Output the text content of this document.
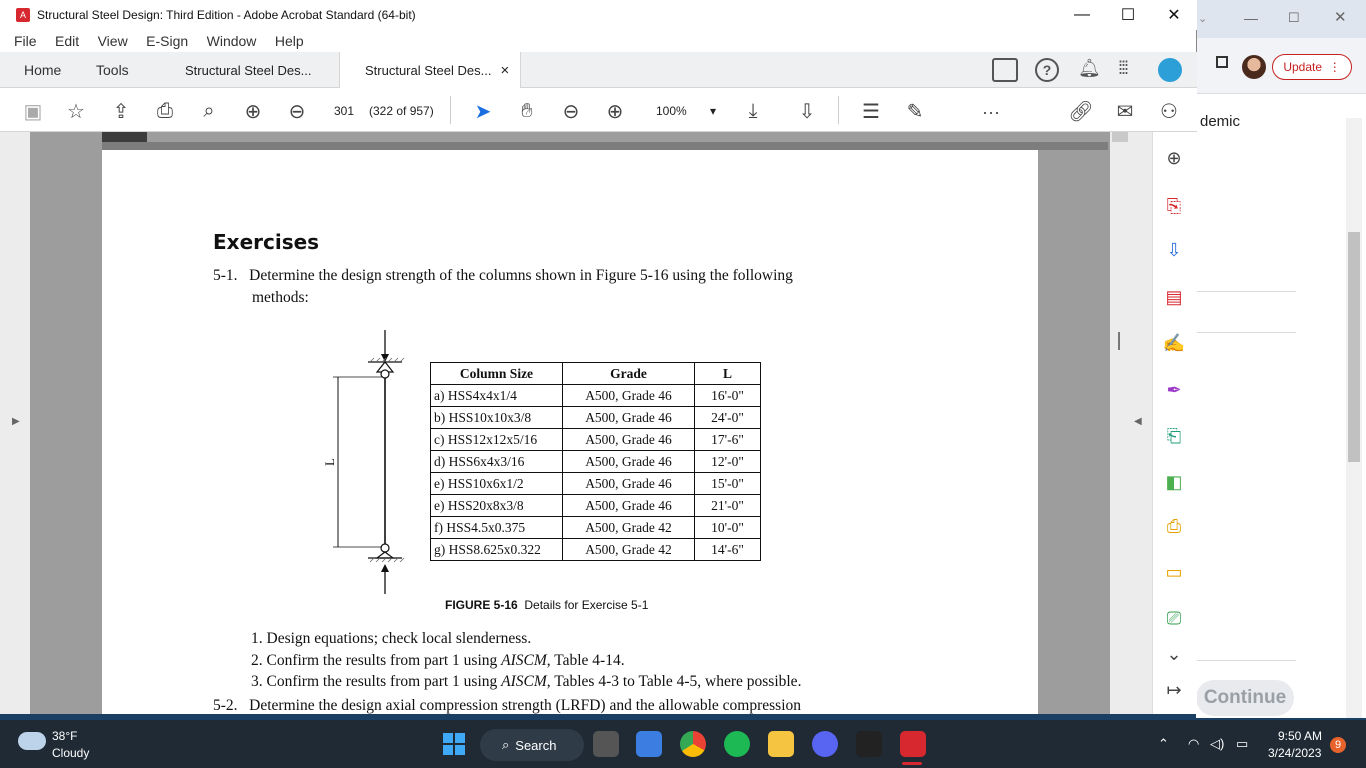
— ☐ ✕
⌄
Update
⋮
demic
Continue
A Structural Steel Design: Third Edition - Adobe Acrobat Standard (64-bit)	—	☐	✕
File Edit View E-Sign Window Help
Home Tools	Structural Steel Des...	Structural Steel Des... ×	?	🔔︎ ⁞⁞⁞
▣ ☆ ⇪ ⎙	⌕	⊕ ⊖	301	(322 of 957) ➤	✋︎	⊖ ⊕	100% ▾	⤓	⇩ ☰ ✎	···	🔗︎ ✉ ⚇
▶	◀
Exercises
5-1. Determine the design strength of the columns shown in Figure 5-16 using the following
methods:
L
Column Size	Grade	L
a) HSS4x4x1/4	A500, Grade 46	16'-0"
b) HSS10x10x3/8	A500, Grade 46	24'-0"
c) HSS12x12x5/16	A500, Grade 46	17'-6"
d) HSS6x4x3/16	A500, Grade 46	12'-0"
e) HSS10x6x1/2	A500, Grade 46	15'-0"
e) HSS20x8x3/8	A500, Grade 46	21'-0"
f) HSS4.5x0.375	A500, Grade 42	10'-0"
g) HSS8.625x0.322	A500, Grade 42	14'-6"
FIGURE 5-16 Details for Exercise 5-1
1. Design equations; check local slenderness.
2. Confirm the results from part 1 using AISCM, Table 4-14.
3. Confirm the results from part 1 using AISCM, Tables 4-3 to Table 4-5, where possible.
5-2. Determine the design axial compression strength (LRFD) and the allowable compression
⊕
⎘
⇩
▤
✍
✒
⎗
◧
⎙
▭
⎚
⌄
↦
38°F
Cloudy
⌕ Search	⌃ ◠ ◁) ▭ 9:50 AM
3/24/2023
9
